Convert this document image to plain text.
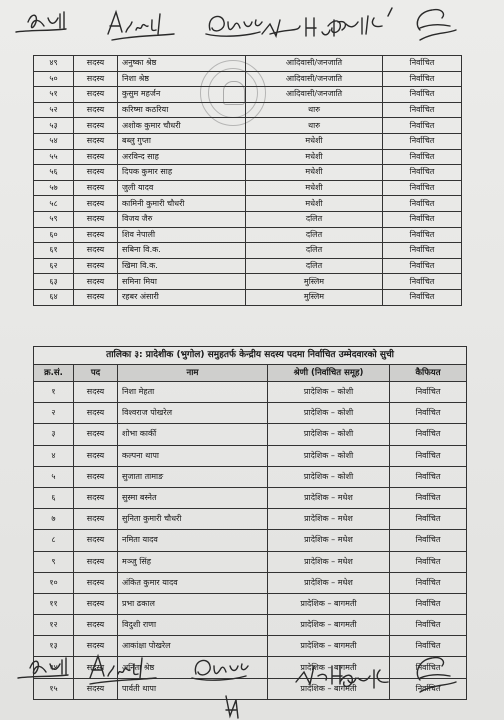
४९	सदस्य	अनुष्का श्रेष्ठ	आदिवासी/जनजाति	निर्वाचित
५०	सदस्य	निशा श्रेष्ठ	आदिवासी/जनजाति	निर्वाचित
५१	सदस्य	कुसुम महर्जन	आदिवासी/जनजाति	निर्वाचित
५२	सदस्य	करिष्मा कठरिया	थारु	निर्वाचित
५३	सदस्य	अशोक कुमार चौधरी	थारु	निर्वाचित
५४	सदस्य	बब्लु गुप्ता	मधेशी	निर्वाचित
५५	सदस्य	अरविन्द साह	मधेशी	निर्वाचित
५६	सदस्य	दिपक कुमार साह	मधेशी	निर्वाचित
५७	सदस्य	जुली यादव	मधेशी	निर्वाचित
५८	सदस्य	कामिनी कुमारी चौधरी	मधेशी	निर्वाचित
५९	सदस्य	विजय जैरु	दलित	निर्वाचित
६०	सदस्य	शिव नेपाली	दलित	निर्वाचित
६१	सदस्य	सबिना वि.क.	दलित	निर्वाचित
६२	सदस्य	खिमा वि.क.	दलित	निर्वाचित
६३	सदस्य	समिना मिया	मुस्लिम	निर्वाचित
६४	सदस्य	रहबर अंसारी	मुस्लिम	निर्वाचित
तालिका ३: प्रादेशीक (भुगोल) समुहतर्फ केन्द्रीय सदस्य पदमा निर्वाचित उम्मेदवारको सुची				
क्र.सं.	पद	नाम	श्रेणी (निर्वाचित समूह)	कैफियत
१	सदस्य	निशा मेहता	प्रादेशिक – कोशी	निर्वाचित
२	सदस्य	विश्वराज पोखरेल	प्रादेशिक – कोशी	निर्वाचित
३	सदस्य	शोभा कार्की	प्रादेशिक – कोशी	निर्वाचित
४	सदस्य	कल्पना थापा	प्रादेशिक – कोशी	निर्वाचित
५	सदस्य	सुजाता तामाङ	प्रादेशिक – कोशी	निर्वाचित
६	सदस्य	सुस्मा बस्नेत	प्रादेशिक – मधेश	निर्वाचित
७	सदस्य	सुनिता कुमारी चौधरी	प्रादेशिक – मधेश	निर्वाचित
८	सदस्य	नमिता यादव	प्रादेशिक – मधेश	निर्वाचित
९	सदस्य	मञ्जु सिंह	प्रादेशिक – मधेश	निर्वाचित
१०	सदस्य	अंकित कुमार यादव	प्रादेशिक – मधेश	निर्वाचित
११	सदस्य	प्रभा ढकाल	प्रादेशिक – बागमती	निर्वाचित
१२	सदस्य	विदुशी राणा	प्रादेशिक – बागमती	निर्वाचित
१३	सदस्य	आकांक्षा पोखरेल	प्रादेशिक – बागमती	निर्वाचित
१४	सदस्य	अनिता श्रेष्ठ	प्रादेशिक – बागमती	निर्वाचित
१५	सदस्य	पार्वती थापा	प्रादेशिक – बागमती	निर्वाचित
